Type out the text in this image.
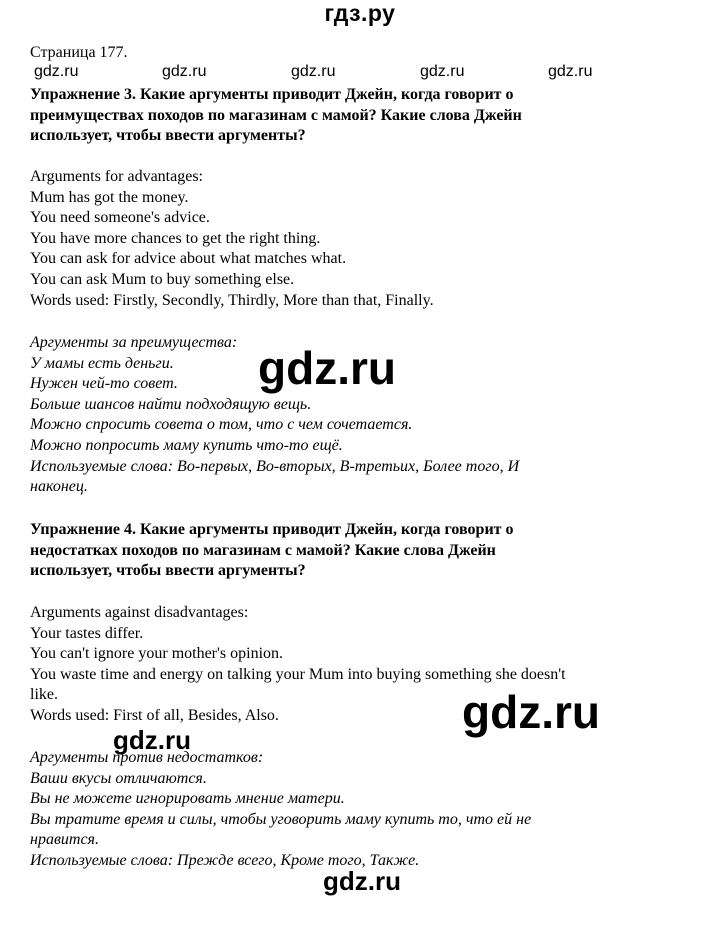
гдз.ру
Страница 177.
gdz.ru	gdz.ru	gdz.ru	gdz.ru	gdz.ru
Упражнение 3. Какие аргументы приводит Джейн, когда говорит о
преимуществах походов по магазинам с мамой? Какие слова Джейн
использует, чтобы ввести аргументы?
Arguments for advantages:
Mum has got the money.
You need someone's advice.
You have more chances to get the right thing.
You can ask for advice about what matches what.
You can ask Mum to buy something else.
Words used: Firstly, Secondly, Thirdly, More than that, Finally.
Аргументы за преимущества:
У мамы есть деньги.
Нужен чей-то совет.
Больше шансов найти подходящую вещь.
Можно спросить совета о том, что с чем сочетается.
Можно попросить маму купить что-то ещё.
Используемые слова: Во-первых, Во-вторых, В-третьих, Более того, И
наконец.
gdz.ru
Упражнение 4. Какие аргументы приводит Джейн, когда говорит о
недостатках походов по магазинам с мамой? Какие слова Джейн
использует, чтобы ввести аргументы?
Arguments against disadvantages:
Your tastes differ.
You can't ignore your mother's opinion.
You waste time and energy on talking your Mum into buying something she doesn't
like.
Words used: First of all, Besides, Also.	gdz.ru
gdz.ru
Аргументы против недостатков:
Ваши вкусы отличаются.
Вы не можете игнорировать мнение матери.
Вы тратите время и силы, чтобы уговорить маму купить то, что ей не
нравится.
Используемые слова: Прежде всего, Кроме того, Также.
gdz.ru
